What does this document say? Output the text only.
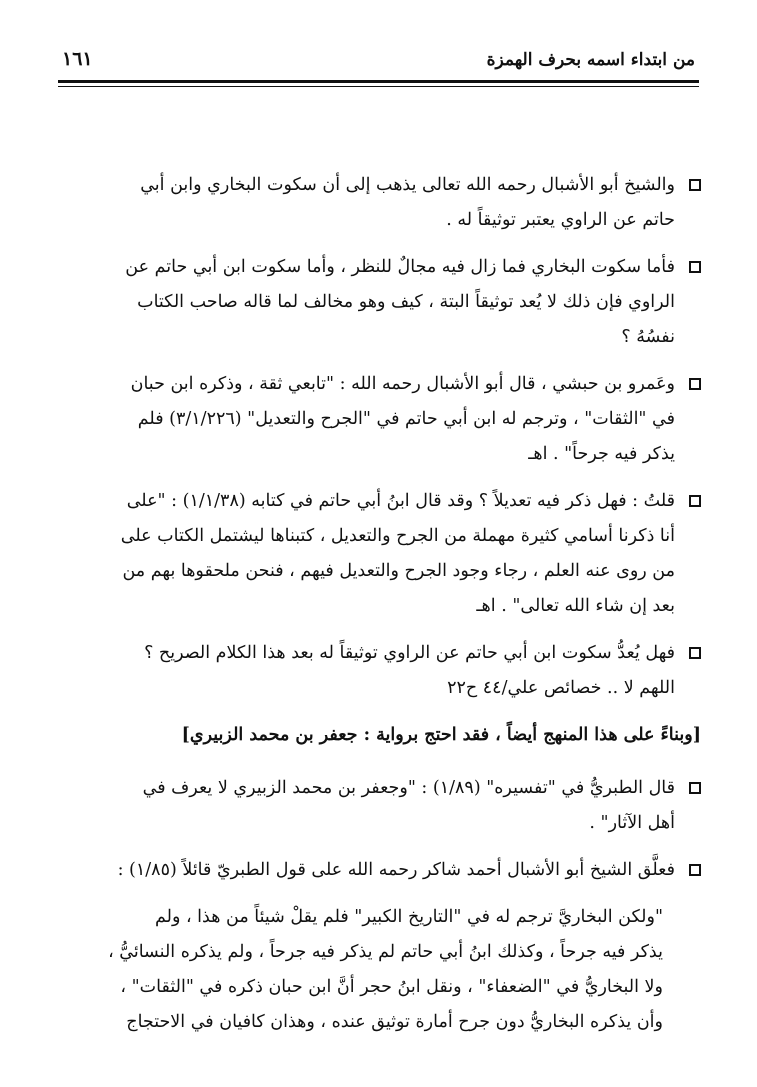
من ابتداء اسمه بحرف الهمزة
١٦١
والشيخ أبو الأشبال رحمه الله تعالى يذهب إلى أن سكوت البخاري وابن أبي
حاتم عن الراوي يعتبر توثيقاً له .
فأما سكوت البخاري فما زال فيه مجالٌ للنظر ، وأما سكوت ابن أبي حاتم عن
الراوي فإن ذلك لا يُعد توثيقاً البتة ، كيف وهو مخالف لما قاله صاحب الكتاب
نفسُهُ ؟
وعَمرو بن حبشي ، قال أبو الأشبال رحمه الله : "تابعي ثقة ، وذكره ابن حبان
في "الثقات" ، وترجم له ابن أبي حاتم في "الجرح والتعديل" (٣/١/٢٢٦) فلم
يذكر فيه جرحاً" . اهـ
قلتُ : فهل ذكر فيه تعديلاً ؟ وقد قال ابنُ أبي حاتم في كتابه (١/١/٣٨) : "على
أنا ذكرنا أسامي كثيرة مهملة من الجرح والتعديل ، كتبناها ليشتمل الكتاب على
من روى عنه العلم ، رجاء وجود الجرح والتعديل فيهم ، فنحن ملحقوها بهم من
بعد إن شاء الله تعالى" . اهـ
فهل يُعدُّ سكوت ابن أبي حاتم عن الراوي توثيقاً له بعد هذا الكلام الصريح ؟
اللهم لا .. خصائص علي/٤٤ ح٢٢
[وبناءً على هذا المنهج أيضاً ، فقد احتج برواية : جعفر بن محمد الزبيري]
قال الطبريُّ في "تفسيره" (١/٨٩) : "وجعفر بن محمد الزبيري لا يعرف في
أهل الآثار" .
فعلَّق الشيخ أبو الأشبال أحمد شاكر رحمه الله على قول الطبريّ قائلاً (١/٨٥) :
"ولكن البخاريَّ ترجم له في "التاريخ الكبير" فلم يقلْ شيئاً من هذا ، ولم
يذكر فيه جرحاً ، وكذلك ابنُ أبي حاتم لم يذكر فيه جرحاً ، ولم يذكره النسائيُّ ،
ولا البخاريُّ في "الضعفاء" ، ونقل ابنُ حجر أنَّ ابن حبان ذكره في "الثقات" ،
وأن يذكره البخاريُّ دون جرح أمارة توثيق عنده ، وهذان كافيان في الاحتجاج
